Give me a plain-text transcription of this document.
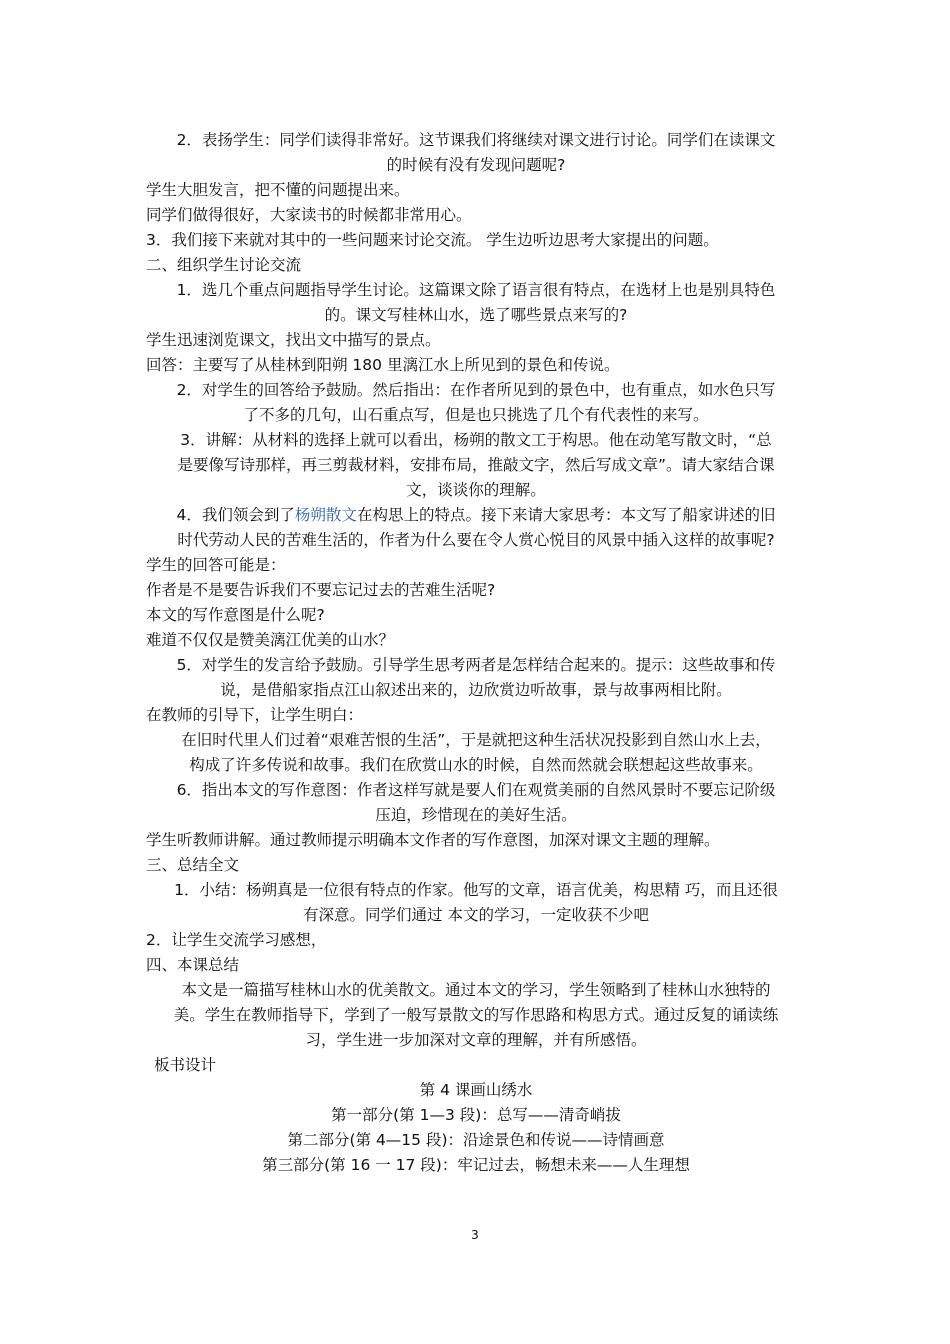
2．表扬学生：同学们读得非常好。这节课我们将继续对课文进行讨论。同学们在读课文
的时候有没有发现问题呢?
学生大胆发言，把不懂的问题提出来。
同学们做得很好，大家读书的时候都非常用心。
3．我们接下来就对其中的一些问题来讨论交流。 学生边听边思考大家提出的问题。
二、组织学生讨论交流
1．选几个重点问题指导学生讨论。这篇课文除了语言很有特点，在选材上也是别具特色
的。课文写桂林山水，选了哪些景点来写的?
学生迅速浏览课文，找出文中描写的景点。
回答：主要写了从桂林到阳朔 180 里漓江水上所见到的景色和传说。
2．对学生的回答给予鼓励。然后指出：在作者所见到的景色中，也有重点，如水色只写
了不多的几句，山石重点写，但是也只挑选了几个有代表性的来写。
3．讲解：从材料的选择上就可以看出，杨朔的散文工于构思。他在动笔写散文时，“总
是要像写诗那样，再三剪裁材料，安排布局，推敲文字，然后写成文章”。请大家结合课
文，谈谈你的理解。
4．我们领会到了杨朔散文在构思上的特点。接下来请大家思考：本文写了船家讲述的旧
时代劳动人民的苦难生活的，作者为什么要在令人赏心悦目的风景中插入这样的故事呢?
学生的回答可能是：
作者是不是要告诉我们不要忘记过去的苦难生活呢?
本文的写作意图是什么呢?
难道不仅仅是赞美漓江优美的山水？
5．对学生的发言给予鼓励。引导学生思考两者是怎样结合起来的。提示：这些故事和传
说，是借船家指点江山叙述出来的，边欣赏边听故事，景与故事两相比附。
在教师的引导下，让学生明白：
在旧时代里人们过着“艰难苦恨的生活”，于是就把这种生活状况投影到自然山水上去，
构成了许多传说和故事。我们在欣赏山水的时候，自然而然就会联想起这些故事来。
6．指出本文的写作意图：作者这样写就是要人们在观赏美丽的自然风景时不要忘记阶级
压迫，珍惜现在的美好生活。
学生听教师讲解。通过教师提示明确本文作者的写作意图，加深对课文主题的理解。
三、总结全文
1．小结：杨朔真是一位很有特点的作家。他写的文章，语言优美，构思精 巧，而且还很
有深意。同学们通过 本文的学习，一定收获不少吧
2．让学生交流学习感想，
四、本课总结
本文是一篇描写桂林山水的优美散文。通过本文的学习，学生领略到了桂林山水独特的
美。学生在教师指导下，学到了一般写景散文的写作思路和构思方式。通过反复的诵读练
习，学生进一步加深对文章的理解，并有所感悟。
板书设计
第 4 课画山绣水
第一部分(第 1—3 段)：总写——清奇峭拔
第二部分(第 4—15 段)：沿途景色和传说——诗情画意
第三部分(第 16 一 17 段)：牢记过去，畅想未来——人生理想
3
